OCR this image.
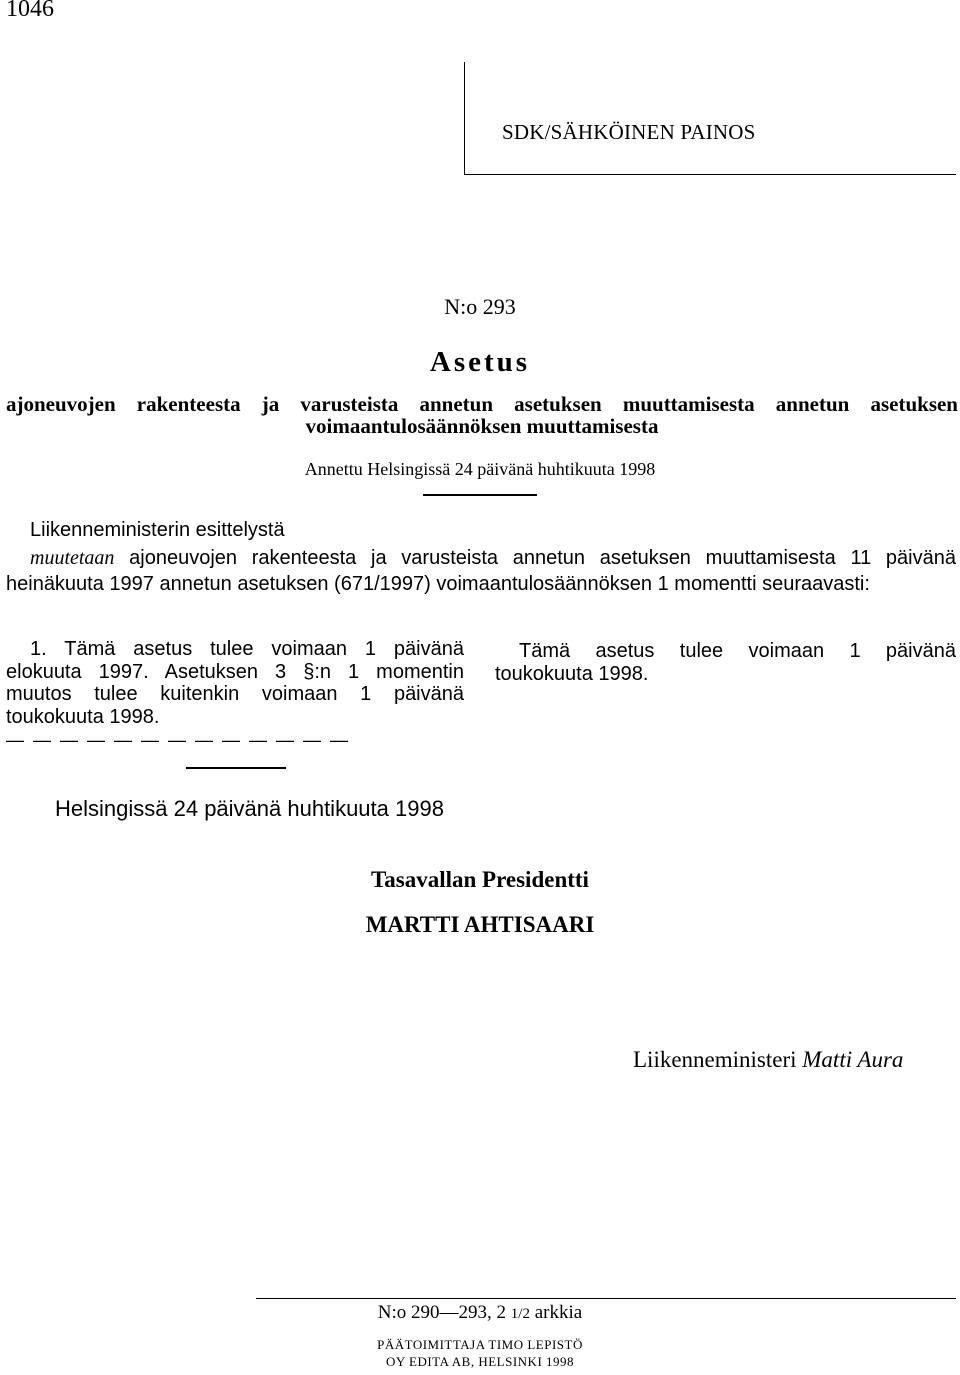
1046
SDK/SÄHKÖINEN PAINOS
N:o 293
Asetus
ajoneuvojen rakenteesta ja varusteista annetun asetuksen muuttamisesta annetun asetuksen voimaantulosäännöksen muuttamisesta
Annettu Helsingissä 24 päivänä huhtikuuta 1998
Liikenneministerin esittelystä
muutetaan ajoneuvojen rakenteesta ja varusteista annetun asetuksen muuttamisesta 11 päivänä heinäkuuta 1997 annetun asetuksen (671/1997) voimaantulosäännöksen 1 momentti seuraavasti:
1. Tämä asetus tulee voimaan 1 päivänä elokuuta 1997. Asetuksen 3 §:n 1 momentin muutos tulee kuitenkin voimaan 1 päivänä toukokuuta 1998.
— — — — — — — — — — — — —
Tämä asetus tulee voimaan 1 päivänä toukokuuta 1998.
Helsingissä 24 päivänä huhtikuuta 1998
Tasavallan Presidentti
MARTTI AHTISAARI
Liikenneministeri Matti Aura
N:o 290—293, 2 1/2 arkkia
PÄÄTOIMITTAJA TIMO LEPISTÖ
OY EDITA AB, HELSINKI 1998
